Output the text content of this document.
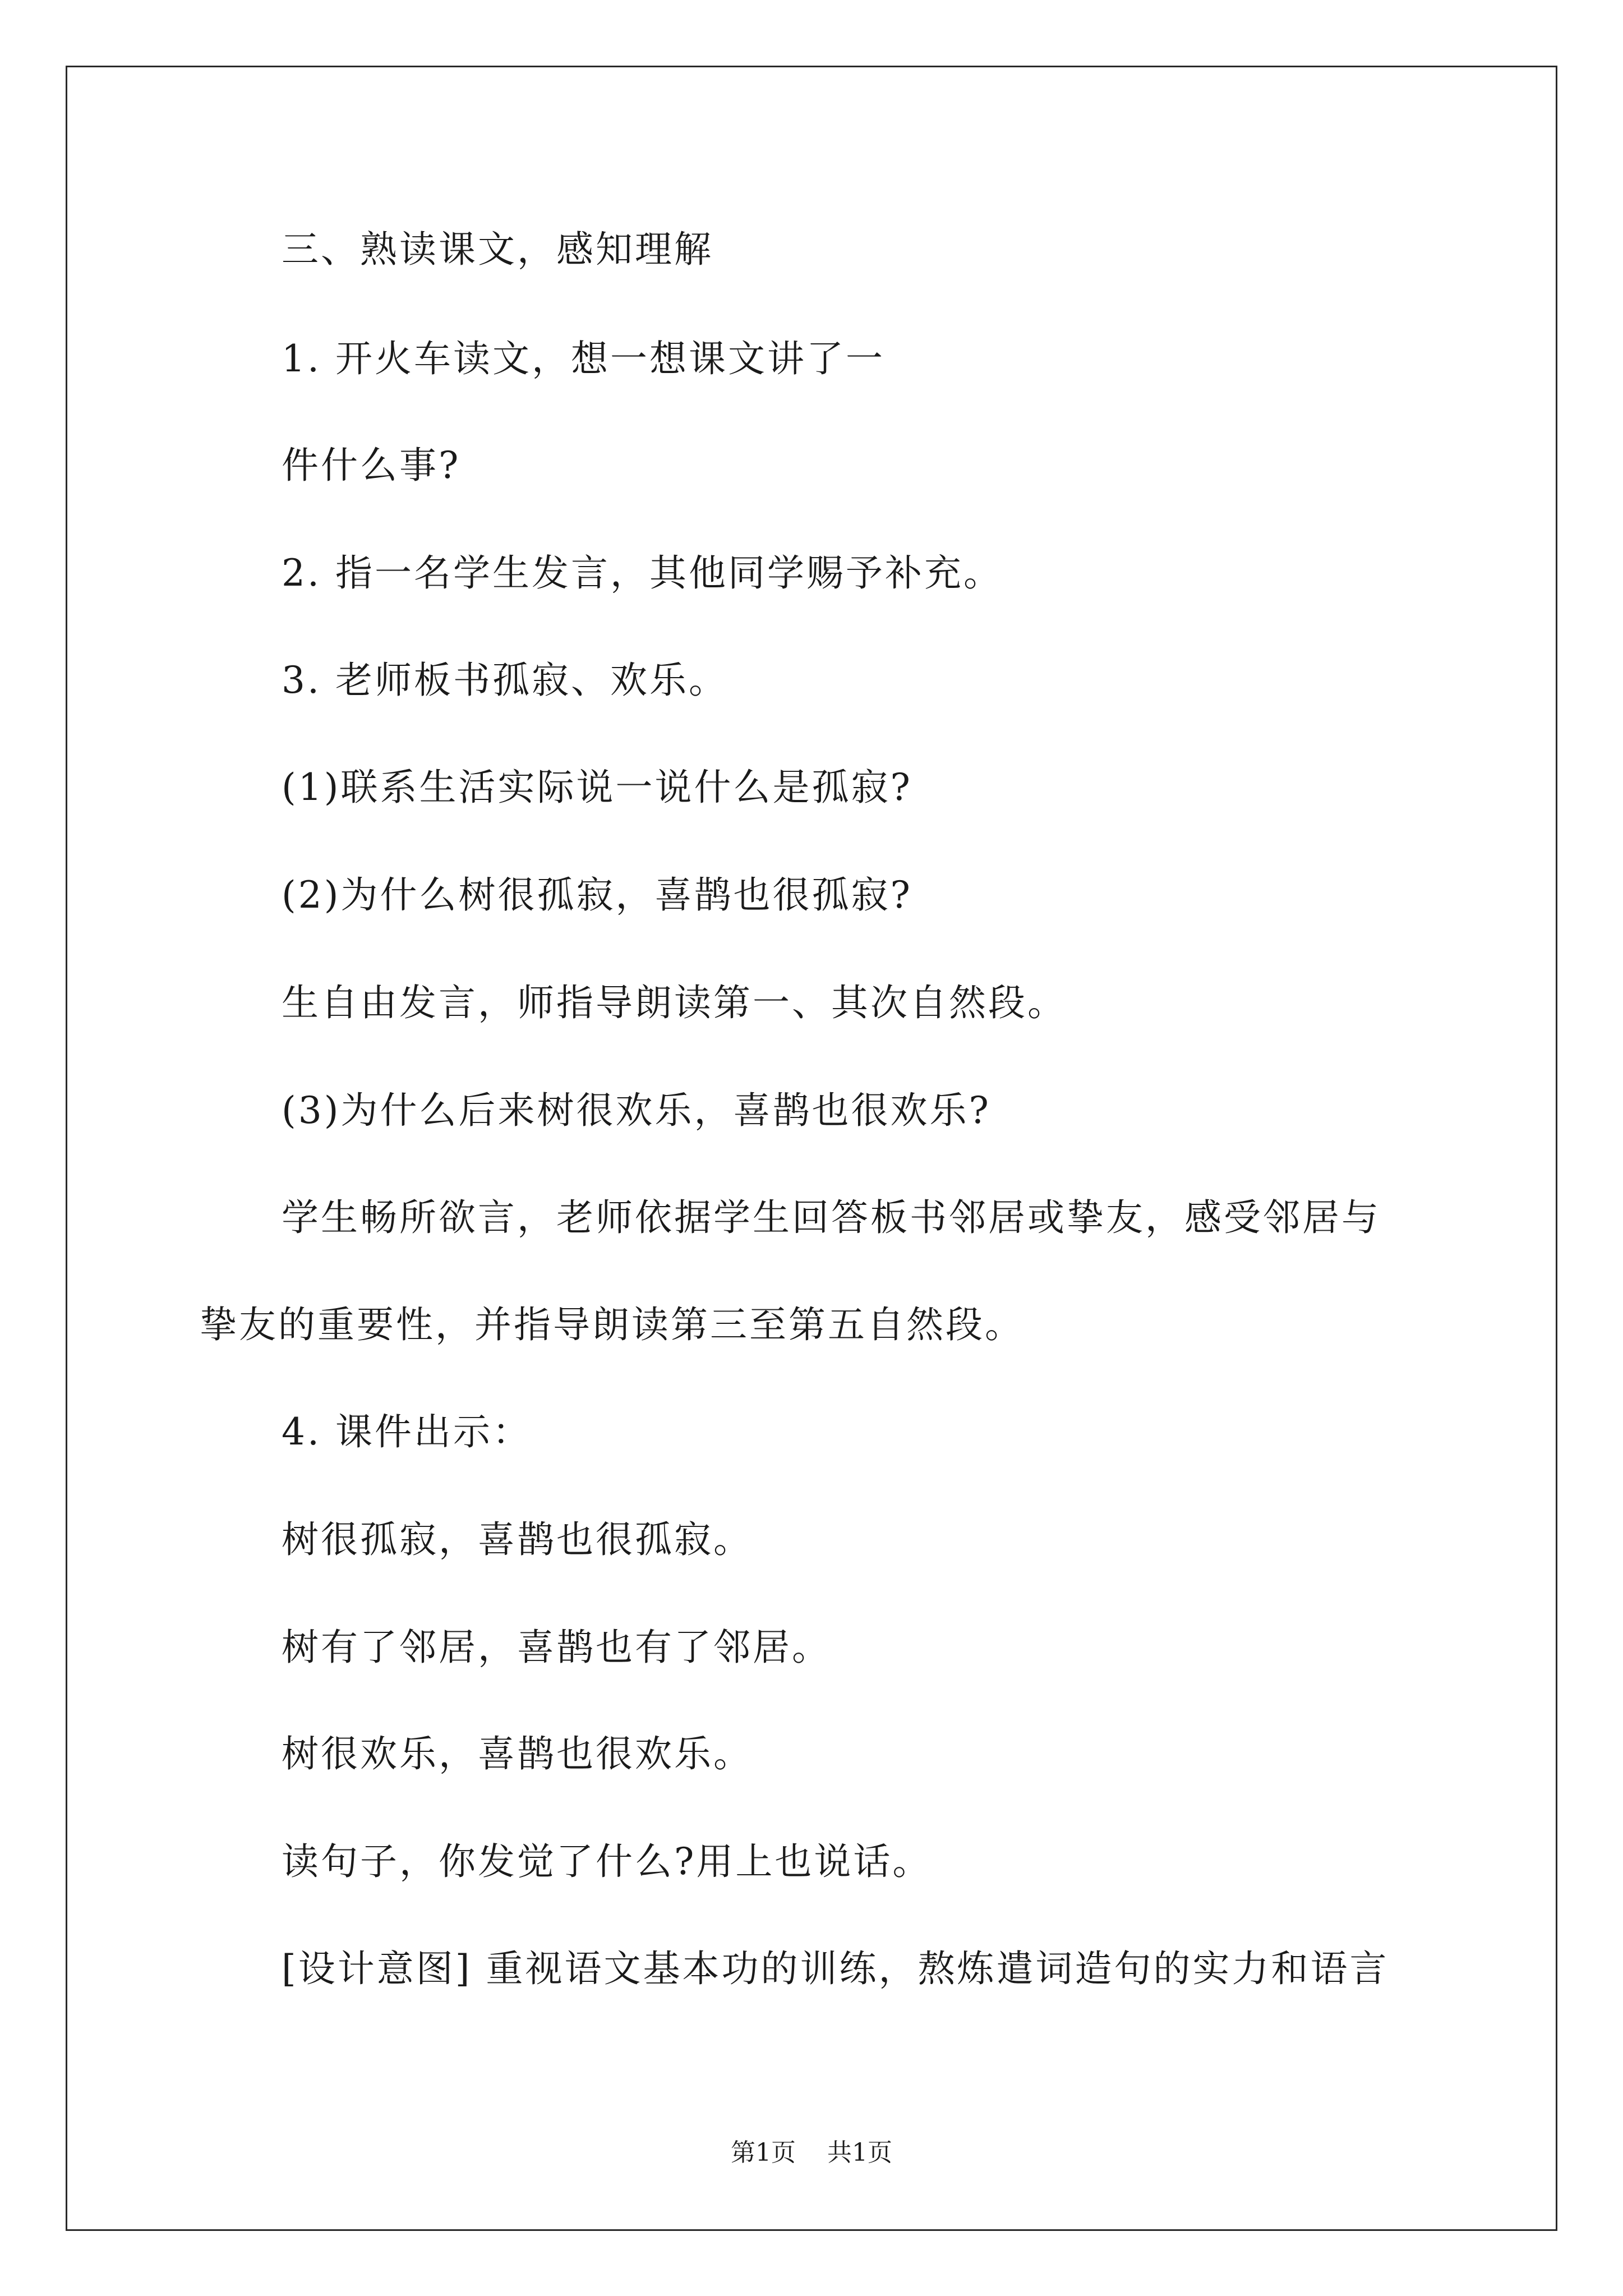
三、熟读课文，感知理解
1. 开火车读文，想一想课文讲了一
件什么事?
2. 指一名学生发言，其他同学赐予补充。
3. 老师板书孤寂、欢乐。
(1)联系生活实际说一说什么是孤寂?
(2)为什么树很孤寂，喜鹊也很孤寂?
生自由发言，师指导朗读第一、其次自然段。
(3)为什么后来树很欢乐，喜鹊也很欢乐?
学生畅所欲言，老师依据学生回答板书邻居或挚友，感受邻居与
挚友的重要性，并指导朗读第三至第五自然段。
4. 课件出示：
树很孤寂，喜鹊也很孤寂。
树有了邻居，喜鹊也有了邻居。
树很欢乐，喜鹊也很欢乐。
读句子，你发觉了什么?用上也说话。
[设计意图] 重视语文基本功的训练，熬炼遣词造句的实力和语言
第1页    共1页
